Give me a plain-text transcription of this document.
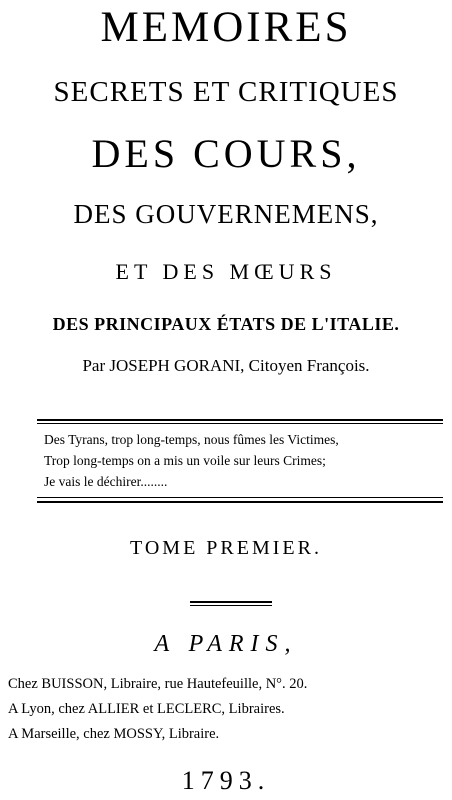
MEMOIRES
SECRETS ET CRITIQUES
DES COURS,
DES GOUVERNEMENS,
ET DES MŒURS
DES PRINCIPAUX ÉTATS DE L'ITALIE.
Par JOSEPH GORANI, Citoyen François.
Des Tyrans, trop long-temps, nous fûmes les Victimes,
Trop long-temps on a mis un voile sur leurs Crimes;
Je vais le déchirer........
TOME PREMIER.
A PARIS,
Chez BUISSON, Libraire, rue Hautefeuille, N°. 20.
A Lyon, chez ALLIER et LECLERC, Libraires.
A Marseille, chez MOSSY, Libraire.
1793.
